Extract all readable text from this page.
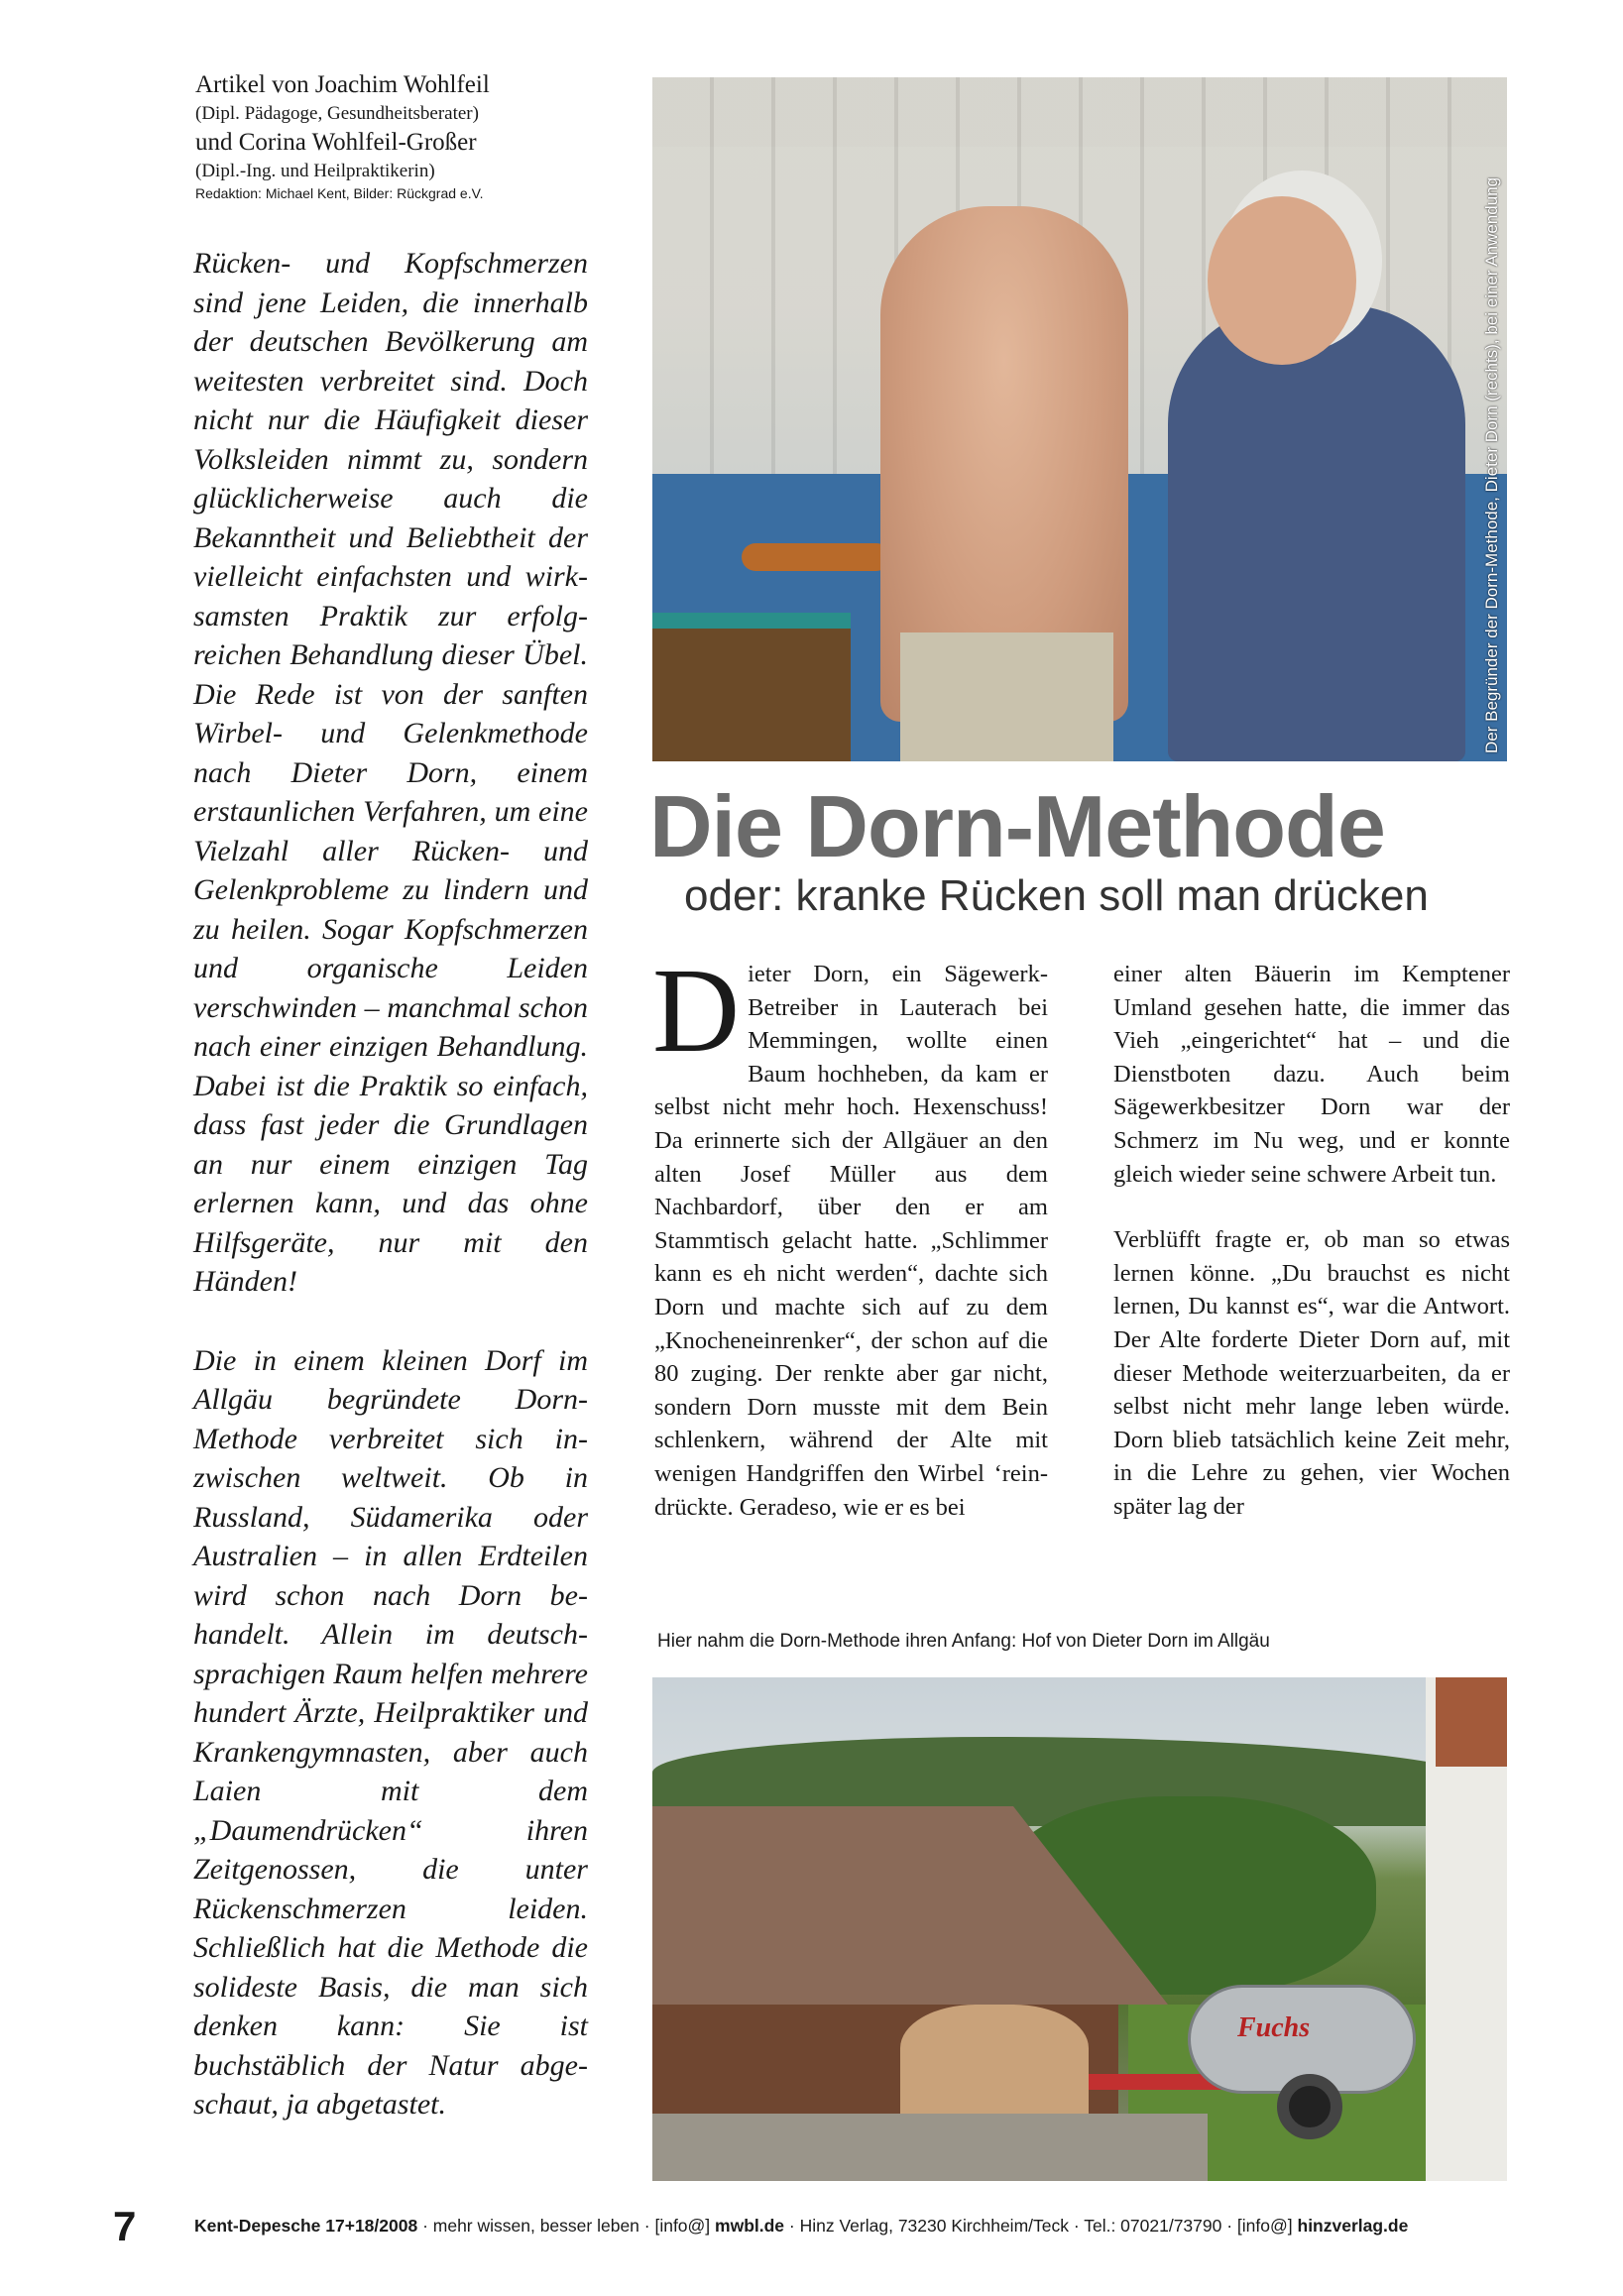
Artikel von Joachim Wohlfeil
(Dipl. Pädagoge, Gesundheitsberater)
und Corina Wohlfeil-Großer
(Dipl.-Ing. und Heilpraktikerin)
Redaktion: Michael Kent, Bilder: Rückgrad e.V.

Rücken- und Kopfschmerzen sind jene Leiden, die innerhalb der deutschen Bevölkerung am weitesten verbreitet sind. Doch nicht nur die Häufigkeit dieser Volksleiden nimmt zu, sondern glücklicherweise auch die Bekanntheit und Beliebtheit der vielleicht einfachsten und wirksamsten Praktik zur erfolgreichen Behandlung dieser Übel. Die Rede ist von der sanften Wirbel- und Gelenkmethode nach Dieter Dorn, einem erstaunlichen Verfahren, um eine Vielzahl aller Rücken- und Gelenkprobleme zu lindern und zu heilen. Sogar Kopfschmerzen und organische Leiden verschwinden – manchmal schon nach einer einzigen Behandlung. Dabei ist die Praktik so einfach, dass fast jeder die Grundlagen an nur einem einzigen Tag erlernen kann, und das ohne Hilfsgeräte, nur mit den Händen!

Die in einem kleinen Dorf im Allgäu begründete Dorn-Methode verbreitet sich inzwischen weltweit. Ob in Russland, Südamerika oder Australien – in allen Erdteilen wird schon nach Dorn behandelt. Allein im deutschsprachigen Raum helfen mehrere hundert Ärzte, Heilpraktiker und Krankengymnasten, aber auch Laien mit dem „Daumendrücken“ ihren Zeitgenossen, die unter Rückenschmerzen leiden. Schließlich hat die Methode die solideste Basis, die man sich denken kann: Sie ist buchstäblich der Natur abgeschaut, ja abgetastet.

Der Begründer der Dorn-Methode, Dieter Dorn (rechts), bei einer Anwendung
Die Dorn-Methode
oder: kranke Rücken soll man drücken

Dieter Dorn, ein Sägewerk-Betreiber in Lauterach bei Memmingen, wollte einen Baum hochheben, da kam er selbst nicht mehr hoch. Hexenschuss! Da erinnerte sich der Allgäuer an den alten Josef Müller aus dem Nachbardorf, über den er am Stammtisch gelacht hatte. „Schlimmer kann es eh nicht werden“, dachte sich Dorn und machte sich auf zu dem „Knocheneinrenker“, der schon auf die 80 zuging. Der renkte aber gar nicht, sondern Dorn musste mit dem Bein schlenkern, während der Alte mit wenigen Handgriffen den Wirbel ‘reindrückte. Geradeso, wie er es bei

einer alten Bäuerin im Kemptener Umland gesehen hatte, die immer das Vieh „eingerichtet“ hat – und die Dienstboten dazu. Auch beim Sägewerkbesitzer Dorn war der Schmerz im Nu weg, und er konnte gleich wieder seine schwere Arbeit tun.

Verblüfft fragte er, ob man so etwas lernen könne. „Du brauchst es nicht lernen, Du kannst es“, war die Antwort. Der Alte forderte Dieter Dorn auf, mit dieser Methode weiterzuarbeiten, da er selbst nicht mehr lange leben würde. Dorn blieb tatsächlich keine Zeit mehr, in die Lehre zu gehen, vier Wochen später lag der

Hier nahm die Dorn-Methode ihren Anfang: Hof von Dieter Dorn im Allgäu
Fuchs
7	Kent-Depesche 17+18/2008 · mehr wissen, besser leben · [info@] mwbl.de · Hinz Verlag, 73230 Kirchheim/Teck · Tel.: 07021/73790 · [info@] hinzverlag.de
